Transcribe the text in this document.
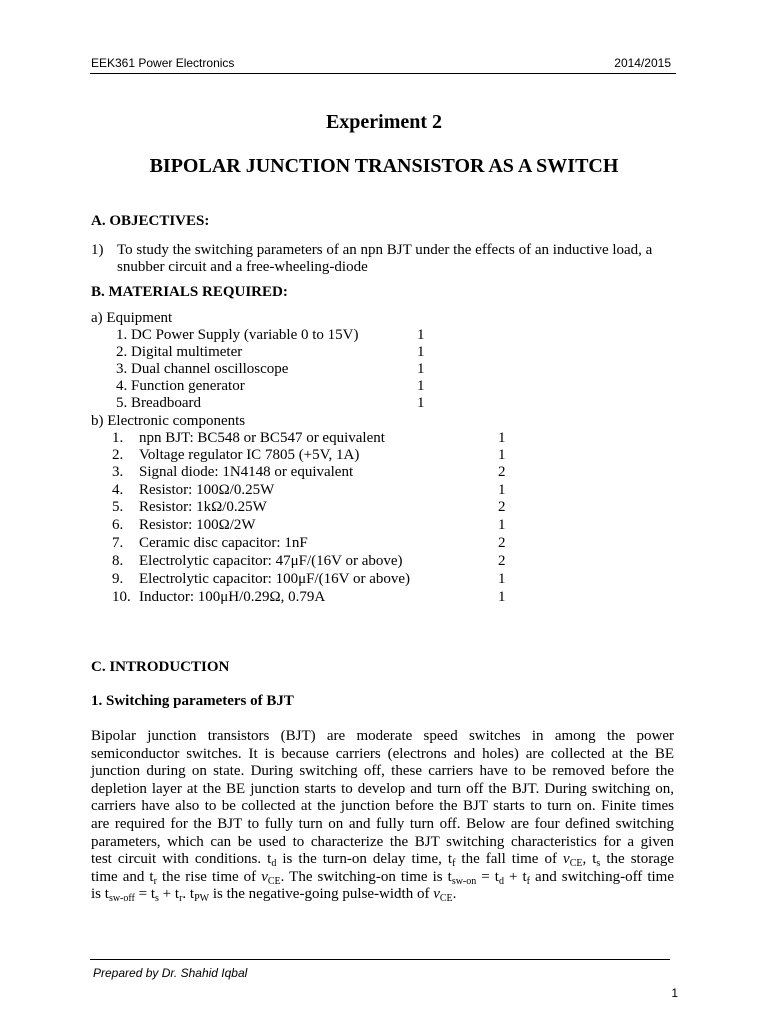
EEK361 Power Electronics	2014/2015
Experiment 2
BIPOLAR JUNCTION TRANSISTOR AS A SWITCH
A. OBJECTIVES:
1) To study the switching parameters of an npn BJT under the effects of an inductive load, a
snubber circuit and a free-wheeling-diode
B. MATERIALS REQUIRED:
a) Equipment
1. DC Power Supply (variable 0 to 15V)	1
2. Digital multimeter	1
3. Dual channel oscilloscope	1
4. Function generator	1
5. Breadboard	1
b) Electronic components
1. npn BJT: BC548 or BC547 or equivalent	1
2. Voltage regulator IC 7805 (+5V, 1A)	1
3. Signal diode: 1N4148 or equivalent	2
4. Resistor: 100Ω/0.25W	1
5. Resistor: 1kΩ/0.25W	2
6. Resistor: 100Ω/2W	1
7. Ceramic disc capacitor: 1nF	2
8. Electrolytic capacitor: 47μF/(16V or above)	2
9. Electrolytic capacitor: 100μF/(16V or above)	1
10. Inductor: 100μH/0.29Ω, 0.79A	1
C. INTRODUCTION
1. Switching parameters of BJT
Bipolar junction transistors (BJT) are moderate speed switches in among the power
semiconductor switches. It is because carriers (electrons and holes) are collected at the BE
junction during on state. During switching off, these carriers have to be removed before the
depletion layer at the BE junction starts to develop and turn off the BJT. During switching on,
carriers have also to be collected at the junction before the BJT starts to turn on. Finite times
are required for the BJT to fully turn on and fully turn off. Below are four defined switching
parameters, which can be used to characterize the BJT switching characteristics for a given
test circuit with conditions. $t_d$ is the turn-on delay time, $t_f$ the fall time of $v_{CE}$, $t_s$ the storage
time and $t_r$ the rise time of $v_{CE}$. The switching-on time is $t_{sw-on} = t_d + t_f$ and switching-off time
is $t_{sw-off} = t_s + t_r$. $t_{PW}$ is the negative-going pulse-width of $v_{CE}$.
Prepared by Dr. Shahid Iqbal
1
